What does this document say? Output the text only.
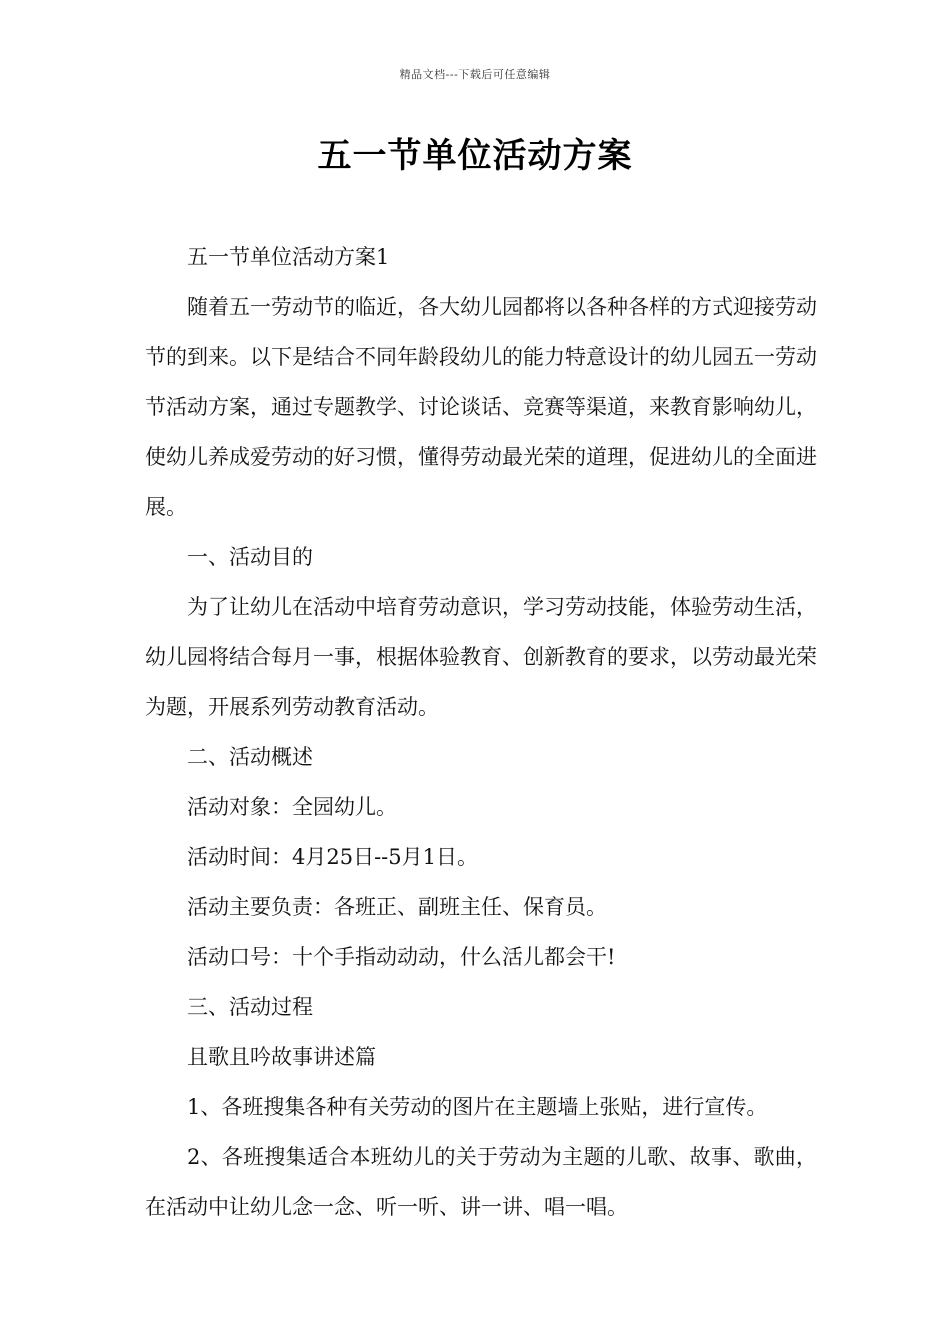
精品文档---下载后可任意编辑
五一节单位活动方案

五一节单位活动方案1

随着五一劳动节的临近，各大幼儿园都将以各种各样的方式迎接劳动节的到来。以下是结合不同年龄段幼儿的能力特意设计的幼儿园五一劳动节活动方案，通过专题教学、讨论谈话、竞赛等渠道，来教育影响幼儿，使幼儿养成爱劳动的好习惯，懂得劳动最光荣的道理，促进幼儿的全面进展。

一、活动目的

为了让幼儿在活动中培育劳动意识，学习劳动技能，体验劳动生活，幼儿园将结合每月一事，根据体验教育、创新教育的要求，以劳动最光荣为题，开展系列劳动教育活动。

二、活动概述

活动对象：全园幼儿。

活动时间：4月25日--5月1日。

活动主要负责：各班正、副班主任、保育员。

活动口号：十个手指动动动，什么活儿都会干!

三、活动过程

且歌且吟故事讲述篇

1、各班搜集各种有关劳动的图片在主题墙上张贴，进行宣传。

2、各班搜集适合本班幼儿的关于劳动为主题的儿歌、故事、歌曲，在活动中让幼儿念一念、听一听、讲一讲、唱一唱。
